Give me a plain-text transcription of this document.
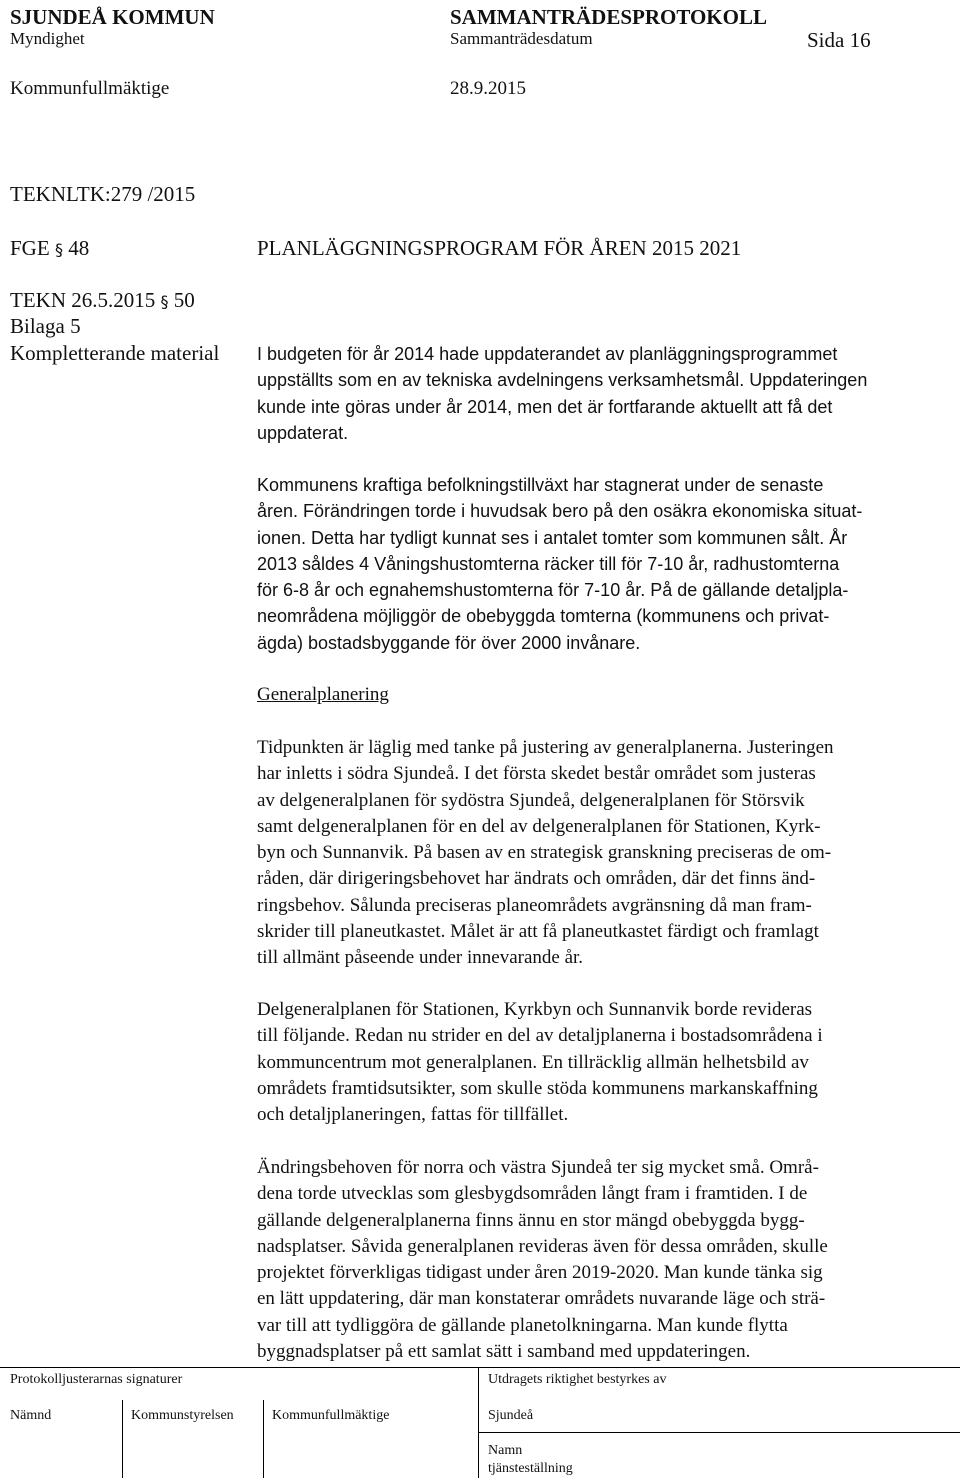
SJUNDEÅ KOMMUN	SAMMANTRÄDESPROTOKOLL
Myndighet	Sammanträdesdatum	Sida 16
Kommunfullmäktige	28.9.2015
TEKNLTK:279 /2015
FGE § 48	PLANLÄGGNINGSPROGRAM FÖR ÅREN 2015 2021
TEKN 26.5.2015 § 50
Bilaga 5
Kompletterande material I budgeten för år 2014 hade uppdaterandet av planläggningsprogrammet
uppställts som en av tekniska avdelningens verksamhetsmål. Uppdateringen
kunde inte göras under år 2014, men det är fortfarande aktuellt att få det
uppdaterat.
Kommunens kraftiga befolkningstillväxt har stagnerat under de senaste
åren. Förändringen torde i huvudsak bero på den osäkra ekonomiska situat-
ionen. Detta har tydligt kunnat ses i antalet tomter som kommunen sålt. År
2013 såldes 4 Våningshustomterna räcker till för 7-10 år, radhustomterna
för 6-8 år och egnahemshustomterna för 7-10 år. På de gällande detaljpla-
neområdena möjliggör de obebyggda tomterna (kommunens och privat-
ägda) bostadsbyggande för över 2000 invånare.
Generalplanering
Tidpunkten är läglig med tanke på justering av generalplanerna. Justeringen
har inletts i södra Sjundeå. I det första skedet består området som justeras
av delgeneralplanen för sydöstra Sjundeå, delgeneralplanen för Störsvik
samt delgeneralplanen för en del av delgeneralplanen för Stationen, Kyrk-
byn och Sunnanvik. På basen av en strategisk granskning preciseras de om-
råden, där dirigeringsbehovet har ändrats och områden, där det finns änd-
ringsbehov. Sålunda preciseras planeområdets avgränsning då man fram-
skrider till planeutkastet. Målet är att få planeutkastet färdigt och framlagt
till allmänt påseende under innevarande år.
Delgeneralplanen för Stationen, Kyrkbyn och Sunnanvik borde revideras
till följande. Redan nu strider en del av detaljplanerna i bostadsområdena i
kommuncentrum mot generalplanen. En tillräcklig allmän helhetsbild av
områdets framtidsutsikter, som skulle stöda kommunens markanskaffning
och detaljplaneringen, fattas för tillfället.
Ändringsbehoven för norra och västra Sjundeå ter sig mycket små. Områ-
dena torde utvecklas som glesbygdsområden långt fram i framtiden. I de
gällande delgeneralplanerna finns ännu en stor mängd obebyggda bygg-
nadsplatser. Såvida generalplanen revideras även för dessa områden, skulle
projektet förverkligas tidigast under åren 2019-2020. Man kunde tänka sig
en lätt uppdatering, där man konstaterar områdets nuvarande läge och strä-
var till att tydliggöra de gällande planetolkningarna. Man kunde flytta
byggnadsplatser på ett samlat sätt i samband med uppdateringen.
Protokolljusterarnas signaturer	Utdragets riktighet bestyrkes av
Nämnd	Kommunstyrelsen	Kommunfullmäktige	Sjundeå
Namn
tjänsteställning
